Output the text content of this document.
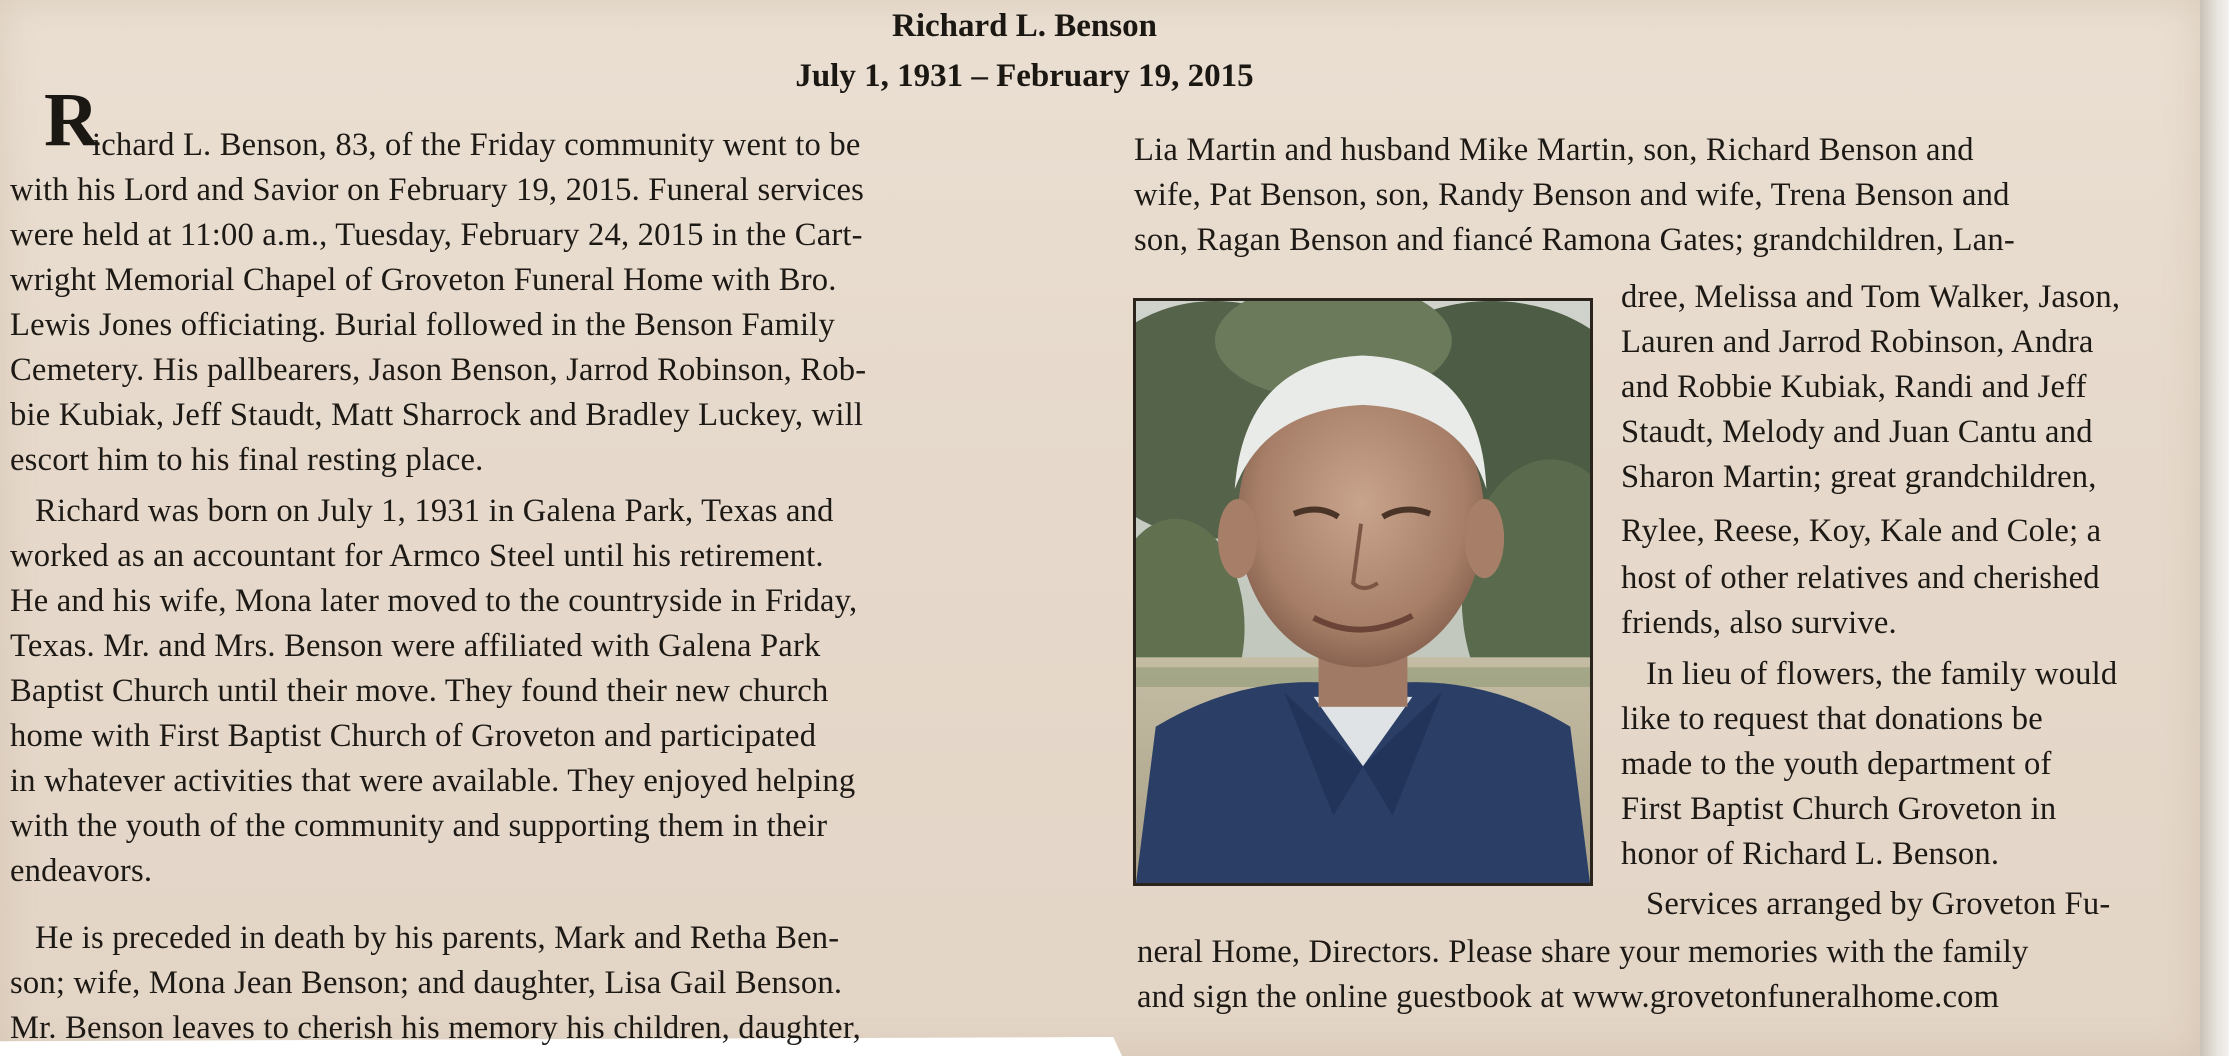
Richard L. Benson
July 1, 1931 – February 19, 2015
R
ichard L. Benson, 83, of the Friday community went to be
with his Lord and Savior on February 19, 2015. Funeral services
were held at 11:00 a.m., Tuesday, February 24, 2015 in the Cart-
wright Memorial Chapel of Groveton Funeral Home with Bro.
Lewis Jones officiating. Burial followed in the Benson Family
Cemetery. His pallbearers, Jason Benson, Jarrod Robinson, Rob-
bie Kubiak, Jeff Staudt, Matt Sharrock and Bradley Luckey, will
escort him to his final resting place.
Richard was born on July 1, 1931 in Galena Park, Texas and
worked as an accountant for Armco Steel until his retirement.
He and his wife, Mona later moved to the countryside in Friday,
Texas. Mr. and Mrs. Benson were affiliated with Galena Park
Baptist Church until their move. They found their new church
home with First Baptist Church of Groveton and participated
in whatever activities that were available. They enjoyed helping
with the youth of the community and supporting them in their
endeavors.
He is preceded in death by his parents, Mark and Retha Ben-
son; wife, Mona Jean Benson; and daughter, Lisa Gail Benson.
Mr. Benson leaves to cherish his memory his children, daughter,
Lia Martin and husband Mike Martin, son, Richard Benson and
wife, Pat Benson, son, Randy Benson and wife, Trena Benson and
son, Ragan Benson and fiancé Ramona Gates; grandchildren, Lan-
dree, Melissa and Tom Walker, Jason,
Lauren and Jarrod Robinson, Andra
and Robbie Kubiak, Randi and Jeff
Staudt, Melody and Juan Cantu and
Sharon Martin; great grandchildren,
Rylee, Reese, Koy, Kale and Cole; a
host of other relatives and cherished
friends, also survive.
In lieu of flowers, the family would
like to request that donations be
made to the youth department of
First Baptist Church Groveton in
honor of Richard L. Benson.
Services arranged by Groveton Fu-
neral Home, Directors. Please share your memories with the family
and sign the online guestbook at www.grovetonfuneralhome.com
